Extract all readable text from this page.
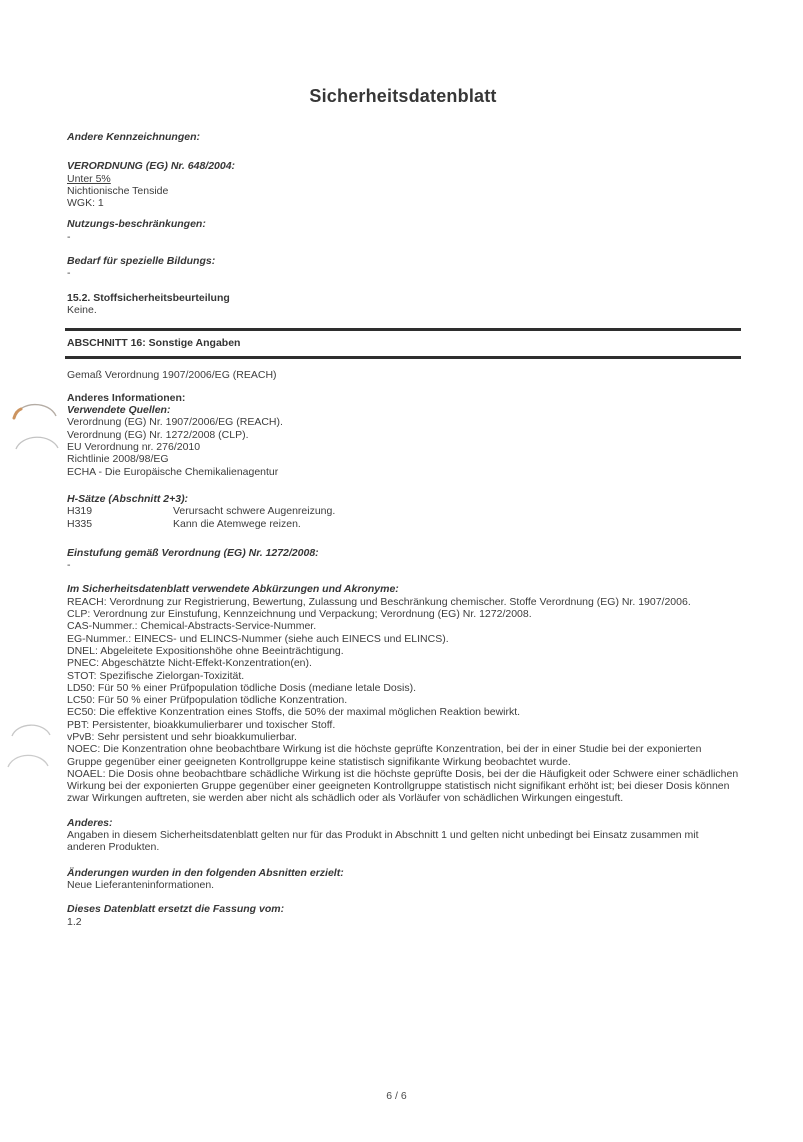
Sicherheitsdatenblatt
Andere Kennzeichnungen:
VERORDNUNG (EG) Nr. 648/2004:
Unter 5%
Nichtionische Tenside
WGK: 1
Nutzungs-beschränkungen:
-
Bedarf für spezielle Bildungs:
-
15.2. Stoffsicherheitsbeurteilung
Keine.
ABSCHNITT 16: Sonstige Angaben
Gemaß Verordnung 1907/2006/EG (REACH)
Anderes Informationen:
Verwendete Quellen:
Verordnung (EG) Nr. 1907/2006/EG (REACH).
Verordnung (EG) Nr. 1272/2008 (CLP).
EU Verordnung nr. 276/2010
Richtlinie 2008/98/EG
ECHA - Die Europäische Chemikalienagentur
H-Sätze (Abschnitt 2+3):
H319	Verursacht schwere Augenreizung.
H335	Kann die Atemwege reizen.
Einstufung gemäß Verordnung (EG) Nr. 1272/2008:
-
Im Sicherheitsdatenblatt verwendete Abkürzungen und Akronyme:
REACH: Verordnung zur Registrierung, Bewertung, Zulassung und Beschränkung chemischer. Stoffe Verordnung (EG) Nr. 1907/2006.
CLP: Verordnung zur Einstufung, Kennzeichnung und Verpackung; Verordnung (EG) Nr. 1272/2008.
CAS-Nummer.: Chemical-Abstracts-Service-Nummer.
EG-Nummer.: EINECS- und ELINCS-Nummer (siehe auch EINECS und ELINCS).
DNEL: Abgeleitete Expositionshöhe ohne Beeinträchtigung.
PNEC: Abgeschätzte Nicht-Effekt-Konzentration(en).
STOT: Spezifische Zielorgan-Toxizität.
LD50: Für 50 % einer Prüfpopulation tödliche Dosis (mediane letale Dosis).
LC50: Für 50 % einer Prüfpopulation tödliche Konzentration.
EC50: Die effektive Konzentration eines Stoffs, die 50% der maximal möglichen Reaktion bewirkt.
PBT: Persistenter, bioakkumulierbarer und toxischer Stoff.
vPvB: Sehr persistent und sehr bioakkumulierbar.
NOEC: Die Konzentration ohne beobachtbare Wirkung ist die höchste geprüfte Konzentration, bei der in einer Studie bei der exponierten Gruppe gegenüber einer geeigneten Kontrollgruppe keine statistisch signifikante Wirkung beobachtet wurde.
NOAEL: Die Dosis ohne beobachtbare schädliche Wirkung ist die höchste geprüfte Dosis, bei der die Häufigkeit oder Schwere einer schädlichen Wirkung bei der exponierten Gruppe gegenüber einer geeigneten Kontrollgruppe statistisch nicht signifikant erhöht ist; bei dieser Dosis können zwar Wirkungen auftreten, sie werden aber nicht als schädlich oder als Vorläufer von schädlichen Wirkungen eingestuft.
Anderes:
Angaben in diesem Sicherheitsdatenblatt gelten nur für das Produkt in Abschnitt 1 und gelten nicht unbedingt bei Einsatz zusammen mit anderen Produkten.
Änderungen wurden in den folgenden Absnitten erzielt:
Neue Lieferanteninformationen.
Dieses Datenblatt ersetzt die Fassung vom:
1.2
6 / 6
